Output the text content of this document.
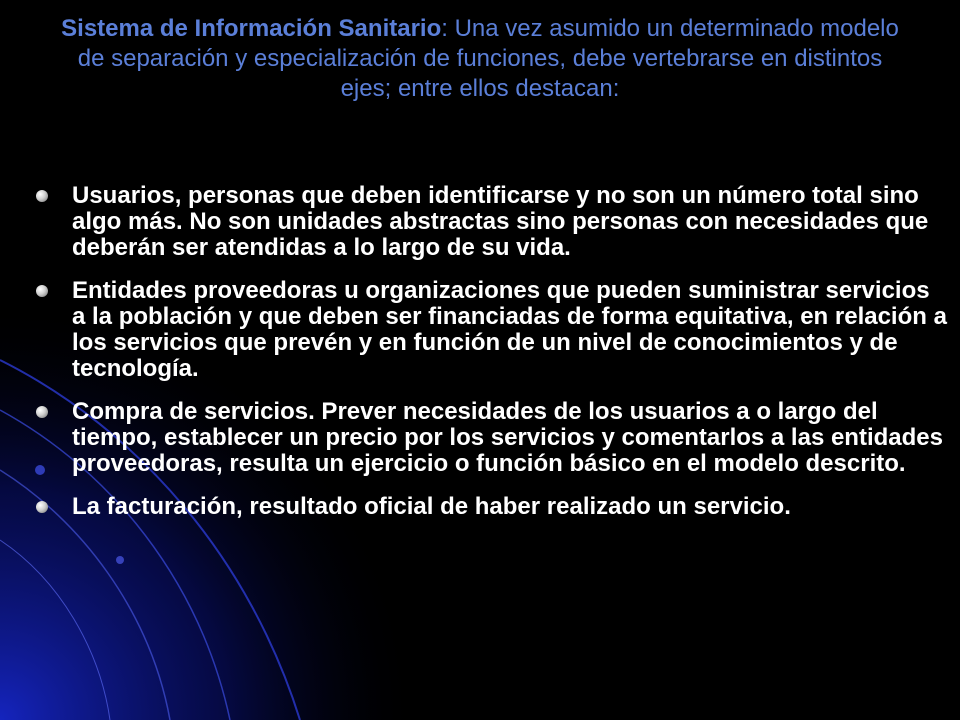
Sistema de Información Sanitario: Una vez asumido un determinado modelo de separación y especialización de funciones, debe vertebrarse en distintos ejes; entre ellos destacan:
Usuarios, personas que deben identificarse y no son un número total sino algo más. No son unidades abstractas sino personas con necesidades que deberán ser atendidas a lo largo de su vida.
Entidades proveedoras u organizaciones que pueden suministrar servicios a la población y que deben ser financiadas de forma equitativa, en relación a los servicios que prevén y en función de un nivel de conocimientos y de tecnología.
Compra de servicios. Prever necesidades de los usuarios a o largo del tiempo, establecer un precio por los servicios y comentarlos a las entidades proveedoras, resulta un ejercicio o función básico en el modelo descrito.
La facturación, resultado oficial de haber realizado un servicio.
